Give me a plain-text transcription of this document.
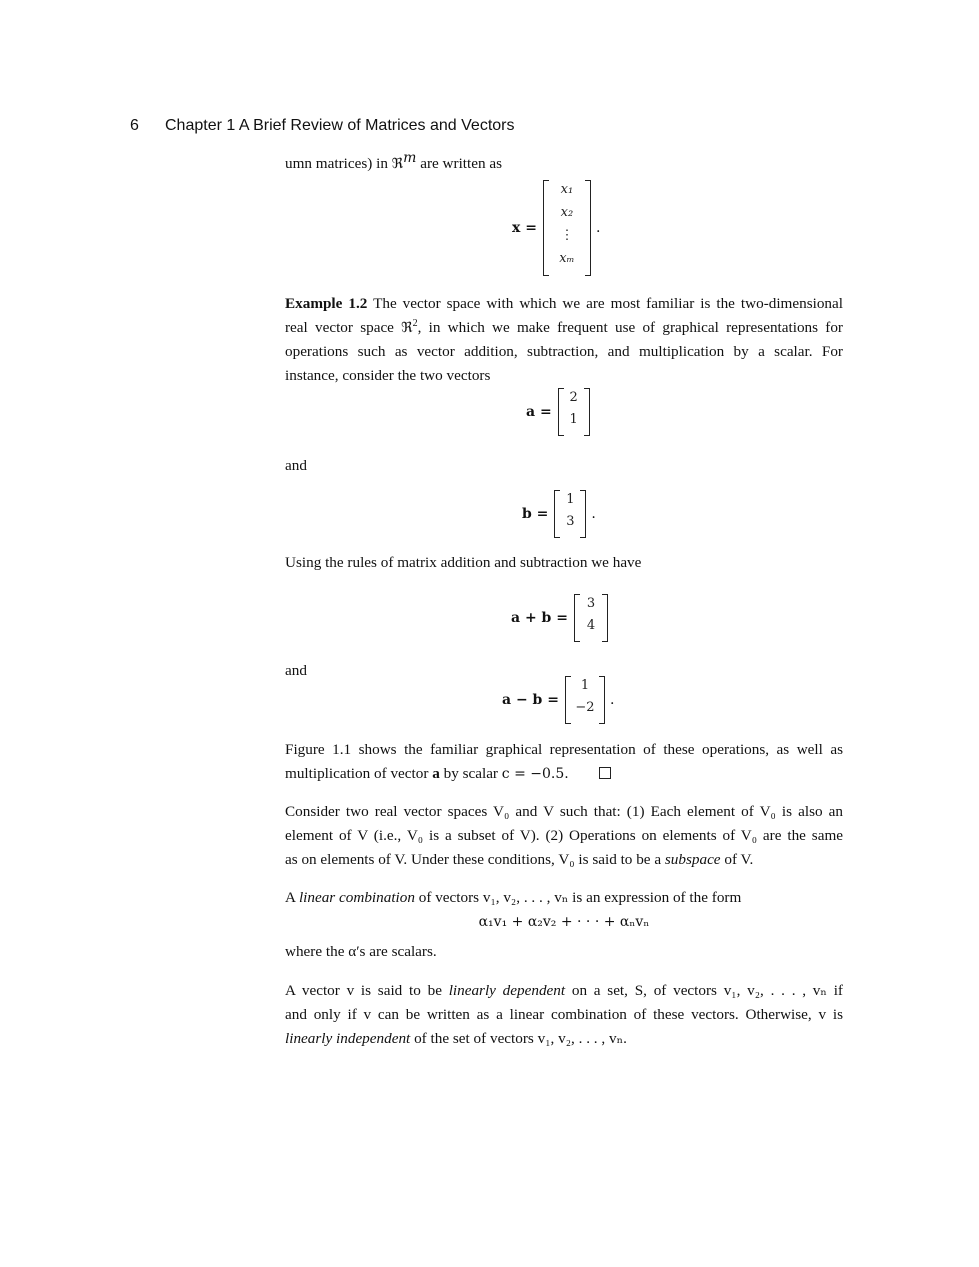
6 Chapter 1 A Brief Review of Matrices and Vectors
umn matrices) in ℜ$^m$ are written as
x =
x₁
x₂
⋮
xₘ
.
Example 1.2 The vector space with which we are most familiar is the two-dimensional
real vector space ℜ$^2$, in which we make frequent use of graphical representations for
operations such as vector addition, subtraction, and multiplication by a scalar. For
instance, consider the two vectors
a =
2
1
and
b =
1
3 .
Using the rules of matrix addition and subtraction we have
a + b =
3
4
and
a − b =
1
−2 .
Figure 1.1 shows the familiar graphical representation of these operations, as well as
multiplication of vector a by scalar c = −0.5.
Consider two real vector spaces V₀ and V such that: (1) Each element of V₀ is also an
element of V (i.e., V₀ is a subset of V). (2) Operations on elements of V₀ are the same
as on elements of V. Under these conditions, V₀ is said to be a subspace of V.
A linear combination of vectors v₁, v₂, . . . , vₙ is an expression of the form
α₁v₁ + α₂v₂ + · · · + αₙvₙ
where the α′s are scalars.
A vector v is said to be linearly dependent on a set, S, of vectors v₁, v₂, . . . , vₙ if
and only if v can be written as a linear combination of these vectors. Otherwise, v is
linearly independent of the set of vectors v₁, v₂, . . . , vₙ.
